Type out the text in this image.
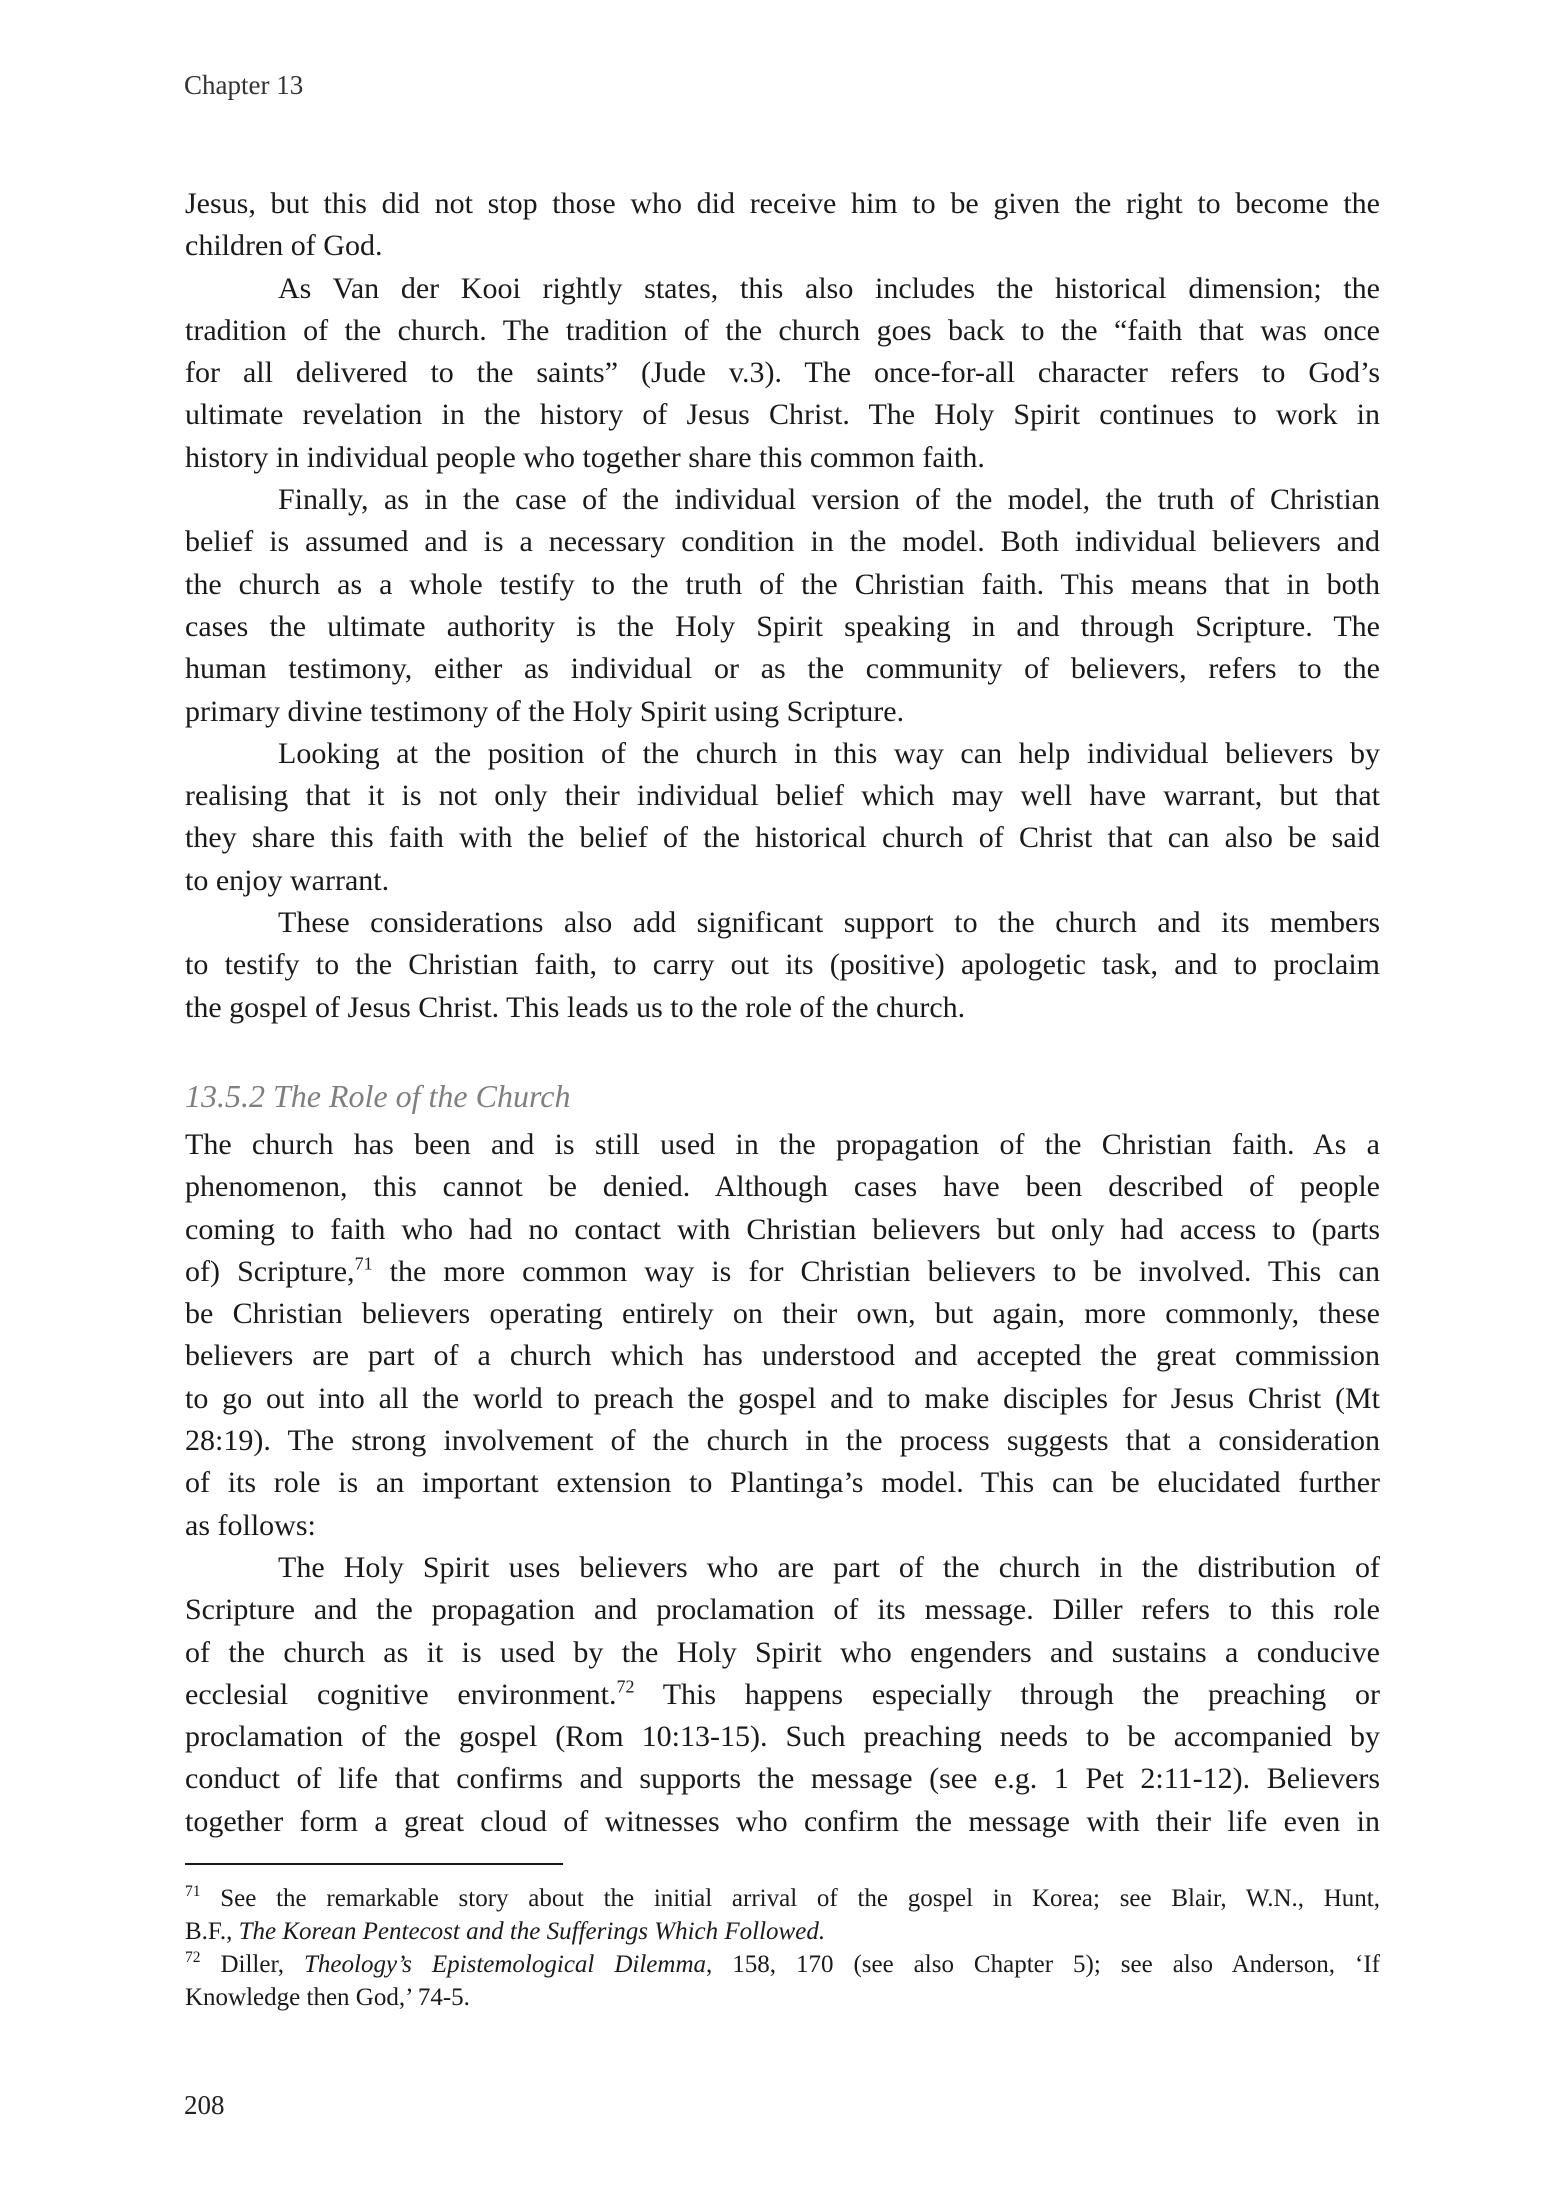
Chapter 13
Jesus, but this did not stop those who did receive him to be given the right to become the
children of God.
As Van der Kooi rightly states, this also includes the historical dimension; the
tradition of the church. The tradition of the church goes back to the “faith that was once
for all delivered to the saints” (Jude v.3). The once-for-all character refers to God’s
ultimate revelation in the history of Jesus Christ. The Holy Spirit continues to work in
history in individual people who together share this common faith.
Finally, as in the case of the individual version of the model, the truth of Christian
belief is assumed and is a necessary condition in the model. Both individual believers and
the church as a whole testify to the truth of the Christian faith. This means that in both
cases the ultimate authority is the Holy Spirit speaking in and through Scripture. The
human testimony, either as individual or as the community of believers, refers to the
primary divine testimony of the Holy Spirit using Scripture.
Looking at the position of the church in this way can help individual believers by
realising that it is not only their individual belief which may well have warrant, but that
they share this faith with the belief of the historical church of Christ that can also be said
to enjoy warrant.
These considerations also add significant support to the church and its members
to testify to the Christian faith, to carry out its (positive) apologetic task, and to proclaim
the gospel of Jesus Christ. This leads us to the role of the church.
13.5.2 The Role of the Church
The church has been and is still used in the propagation of the Christian faith. As a
phenomenon, this cannot be denied. Although cases have been described of people
coming to faith who had no contact with Christian believers but only had access to (parts
of) Scripture,$^{71}$ the more common way is for Christian believers to be involved. This can
be Christian believers operating entirely on their own, but again, more commonly, these
believers are part of a church which has understood and accepted the great commission
to go out into all the world to preach the gospel and to make disciples for Jesus Christ (Mt
28:19). The strong involvement of the church in the process suggests that a consideration
of its role is an important extension to Plantinga’s model. This can be elucidated further
as follows:
The Holy Spirit uses believers who are part of the church in the distribution of
Scripture and the propagation and proclamation of its message. Diller refers to this role
of the church as it is used by the Holy Spirit who engenders and sustains a conducive
ecclesial cognitive environment.$^{72}$ This happens especially through the preaching or
proclamation of the gospel (Rom 10:13-15). Such preaching needs to be accompanied by
conduct of life that confirms and supports the message (see e.g. 1 Pet 2:11-12). Believers
together form a great cloud of witnesses who confirm the message with their life even in
$^{71}$ See the remarkable story about the initial arrival of the gospel in Korea; see Blair, W.N., Hunt,
B.F., The Korean Pentecost and the Sufferings Which Followed.
$^{72}$ Diller, Theology’s Epistemological Dilemma, 158, 170 (see also Chapter 5); see also Anderson, ‘If
Knowledge then God,’ 74-5.
208
